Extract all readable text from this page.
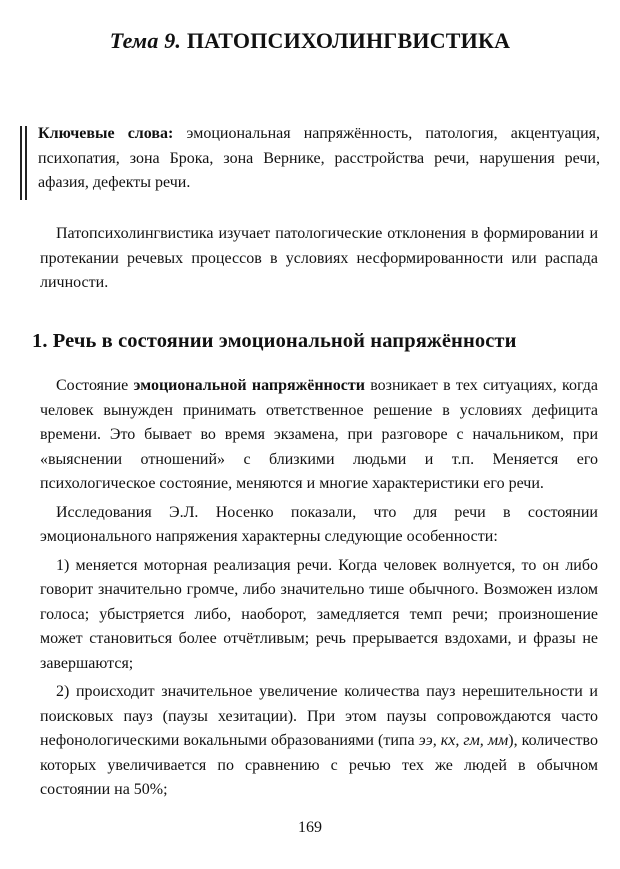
Тема 9. ПАТОПСИХОЛИНГВИСТИКА

Ключевые слова: эмоциональная напряжённость, патология, акцентуация, психопатия, зона Брока, зона Вернике, расстройства речи, нарушения речи, афазия, дефекты речи.

Патопсихолингвистика изучает патологические отклонения в формировании и протекании речевых процессов в условиях несформированности или распада личности.

1. Речь в состоянии эмоциональной напряжённости

Состояние эмоциональной напряжённости возникает в тех ситуациях, когда человек вынужден принимать ответственное решение в условиях дефицита времени. Это бывает во время экзамена, при разговоре с начальником, при «выяснении отношений» с близкими людьми и т.п. Меняется его психологическое состояние, меняются и многие характеристики его речи.

Исследования Э.Л. Носенко показали, что для речи в состоянии эмоционального напряжения характерны следующие особенности:

1) меняется моторная реализация речи. Когда человек волнуется, то он либо говорит значительно громче, либо значительно тише обычного. Возможен излом голоса; убыстряется либо, наоборот, замедляется темп речи; произношение может становиться более отчётливым; речь прерывается вздохами, и фразы не завершаются;

2) происходит значительное увеличение количества пауз нерешительности и поисковых пауз (паузы хезитации). При этом паузы сопровождаются часто нефонологическими вокальными образованиями (типа ээ, кх, гм, мм), количество которых увеличивается по сравнению с речью тех же людей в обычном состоянии на 50%;

169
